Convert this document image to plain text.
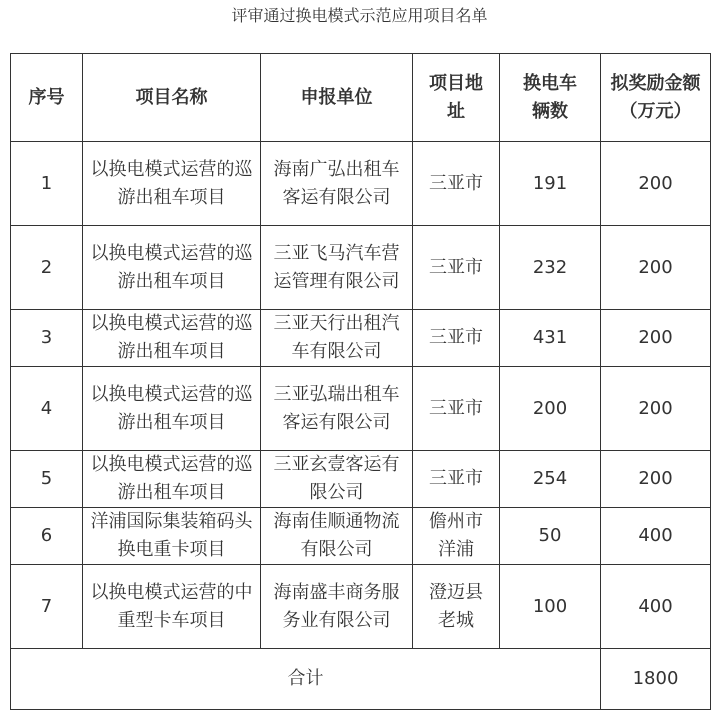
评审通过换电模式示范应用项目名单
序号	项目名称	申报单位	项目地址	换电车辆数	拟奖励金额（万元）

1	以换电模式运营的巡游出租车项目	海南广弘出租车客运有限公司	三亚市	191	200
2	以换电模式运营的巡游出租车项目	三亚飞马汽车营运管理有限公司	三亚市	232	200
3	以换电模式运营的巡游出租车项目	三亚天行出租汽车有限公司	三亚市	431	200
4	以换电模式运营的巡游出租车项目	三亚弘瑞出租车客运有限公司	三亚市	200	200
5	以换电模式运营的巡游出租车项目	三亚玄壹客运有限公司	三亚市	254	200
6	洋浦国际集装箱码头换电重卡项目	海南佳顺通物流有限公司	儋州市洋浦	50	400
7	以换电模式运营的中重型卡车项目	海南盛丰商务服务业有限公司	澄迈县老城	100	400
合计					1800
